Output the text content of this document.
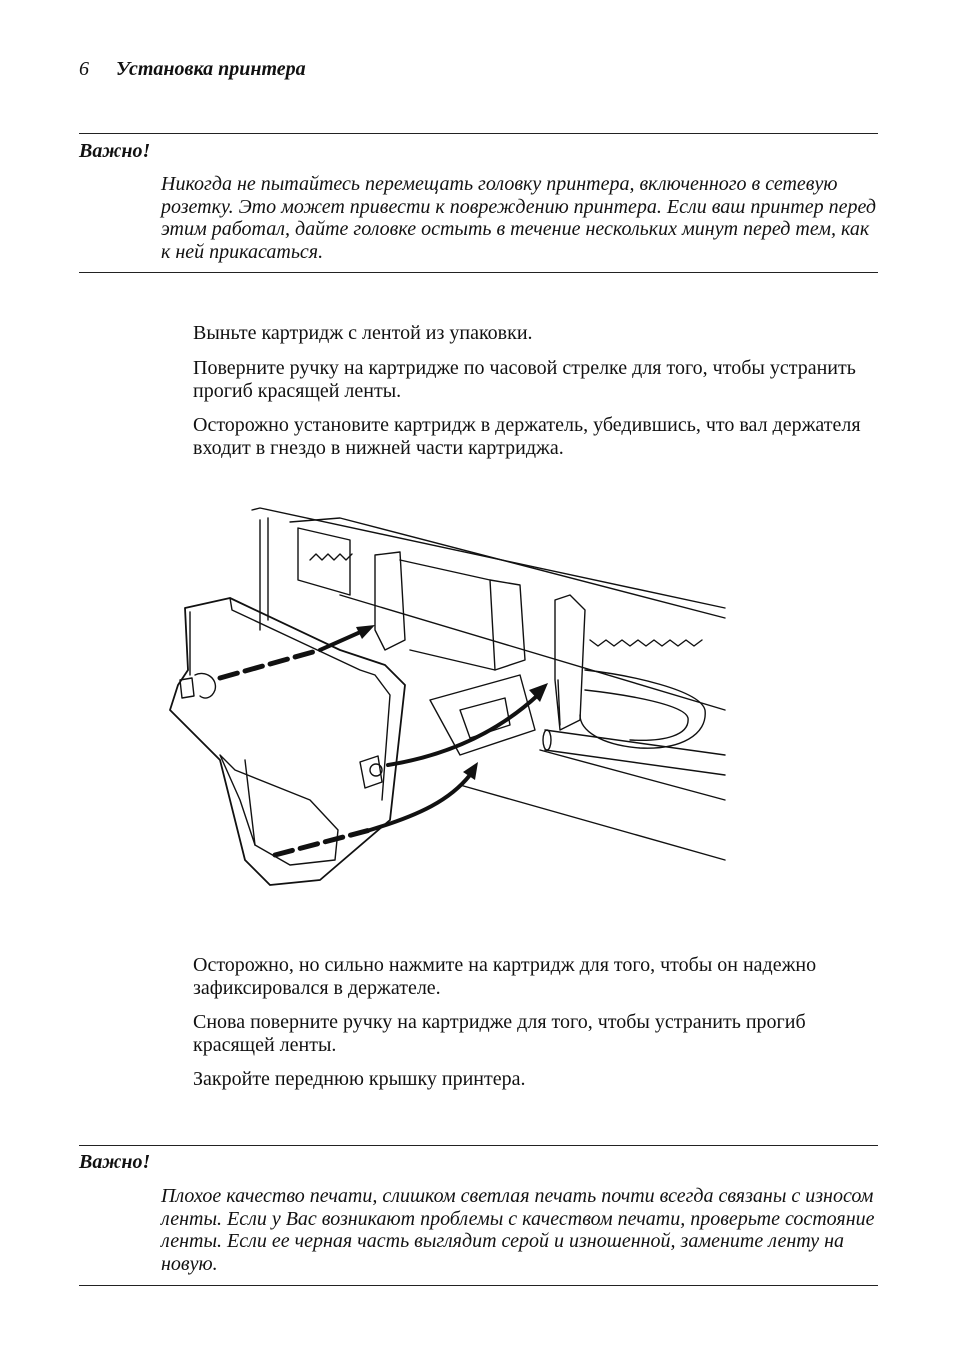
6 Установка принтера
Важно!
Никогда не пытайтесь перемещать головку принтера, включенного в сетевую розетку. Это может привести к повреждению принтера. Если ваш принтер перед этим работал, дайте головке остыть в течение нескольких минут перед тем, как к ней прикасаться.
Выньте картридж с лентой из упаковки.
Поверните ручку на картридже по часовой стрелке для того, чтобы устранить прогиб красящей ленты.
Осторожно установите картридж в держатель, убедившись, что вал держателя входит в гнездо в нижней части картриджа.
Осторожно, но сильно нажмите на картридж для того, чтобы он надежно зафиксировался в держателе.
Снова поверните ручку на картридже для того, чтобы устранить прогиб красящей ленты.
Закройте переднюю крышку принтера.
Важно!
Плохое качество печати, слишком светлая печать почти всегда связаны с износом ленты. Если у Вас возникают проблемы с качеством печати, проверьте состояние ленты. Если ее черная часть выглядит серой и изношенной, замените ленту на новую.
